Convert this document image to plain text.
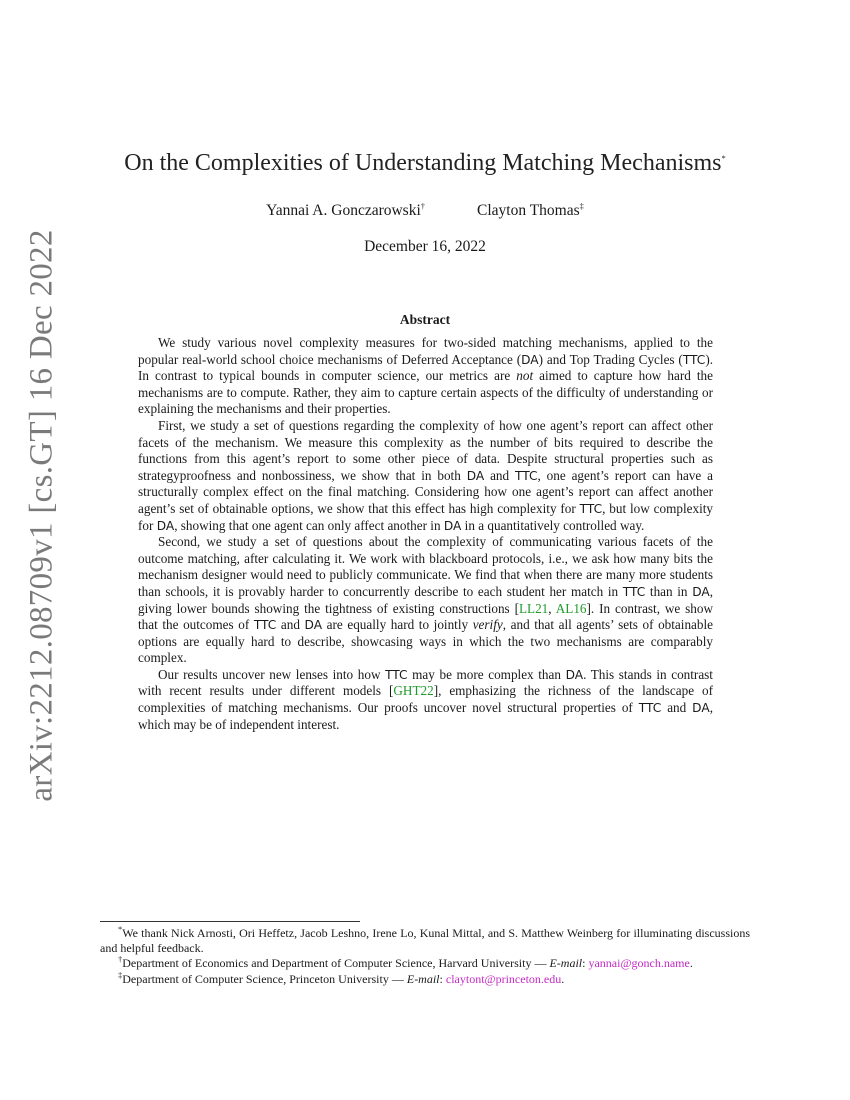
arXiv:2212.08709v1 [cs.GT] 16 Dec 2022
On the Complexities of Understanding Matching Mechanisms*
Yannai A. Gonczarowski†	Clayton Thomas‡
December 16, 2022
Abstract

We study various novel complexity measures for two-sided matching mechanisms, applied to the popular real-world school choice mechanisms of Deferred Acceptance (DA) and Top Trading Cycles (TTC). In contrast to typical bounds in computer science, our metrics are not aimed to capture how hard the mechanisms are to compute. Rather, they aim to capture certain aspects of the difficulty of understanding or explaining the mechanisms and their properties.

First, we study a set of questions regarding the complexity of how one agent’s report can affect other facets of the mechanism. We measure this complexity as the number of bits required to describe the functions from this agent’s report to some other piece of data. Despite structural properties such as strategyproofness and nonbossiness, we show that in both DA and TTC, one agent’s report can have a structurally complex effect on the final matching. Considering how one agent’s report can affect another agent’s set of obtainable options, we show that this effect has high complexity for TTC, but low complexity for DA, showing that one agent can only affect another in DA in a quantitatively controlled way.

Second, we study a set of questions about the complexity of communicating various facets of the outcome matching, after calculating it. We work with blackboard protocols, i.e., we ask how many bits the mechanism designer would need to publicly communicate. We find that when there are many more students than schools, it is provably harder to concurrently describe to each student her match in TTC than in DA, giving lower bounds showing the tightness of existing constructions [LL21, AL16]. In contrast, we show that the outcomes of TTC and DA are equally hard to jointly verify, and that all agents’ sets of obtainable options are equally hard to describe, showcasing ways in which the two mechanisms are comparably complex.

Our results uncover new lenses into how TTC may be more complex than DA. This stands in contrast with recent results under different models [GHT22], emphasizing the richness of the landscape of complexities of matching mechanisms. Our proofs uncover novel structural properties of TTC and DA, which may be of independent interest.

*We thank Nick Arnosti, Ori Heffetz, Jacob Leshno, Irene Lo, Kunal Mittal, and S. Matthew Weinberg for illuminating discussions and helpful feedback.

†Department of Economics and Department of Computer Science, Harvard University — E-mail: yannai@gonch.name.

‡Department of Computer Science, Princeton University — E-mail: claytont@princeton.edu.
